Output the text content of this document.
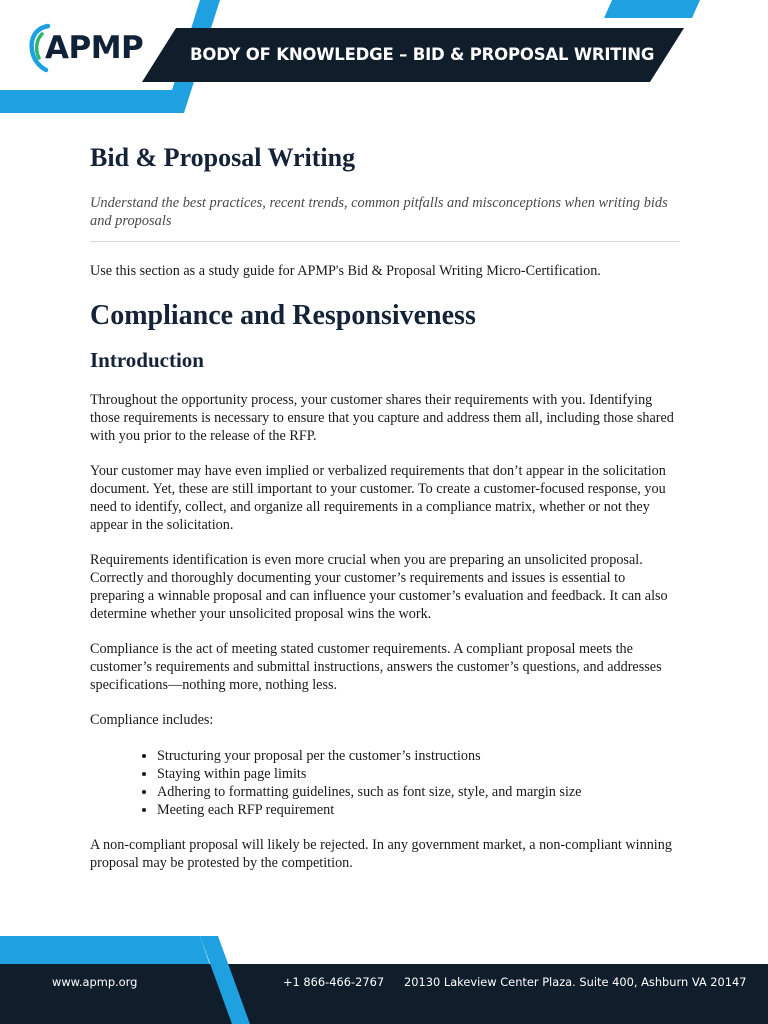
APMP	BODY OF KNOWLEDGE – BID & PROPOSAL WRITING
Bid & Proposal Writing

Understand the best practices, recent trends, common pitfalls and misconceptions when writing bids and proposals

Use this section as a study guide for APMP's Bid & Proposal Writing Micro-Certification.

Compliance and Responsiveness
Introduction

Throughout the opportunity process, your customer shares their requirements with you. Identifying those requirements is necessary to ensure that you capture and address them all, including those shared with you prior to the release of the RFP.

Your customer may have even implied or verbalized requirements that don’t appear in the solicitation document. Yet, these are still important to your customer. To create a customer-focused response, you need to identify, collect, and organize all requirements in a compliance matrix, whether or not they appear in the solicitation.

Requirements identification is even more crucial when you are preparing an unsolicited proposal. Correctly and thoroughly documenting your customer’s requirements and issues is essential to preparing a winnable proposal and can influence your customer’s evaluation and feedback. It can also determine whether your unsolicited proposal wins the work.

Compliance is the act of meeting stated customer requirements. A compliant proposal meets the customer’s requirements and submittal instructions, answers the customer’s questions, and addresses specifications—nothing more, nothing less.

Compliance includes:

• Structuring your proposal per the customer’s instructions
• Staying within page limits
• Adhering to formatting guidelines, such as font size, style, and margin size
• Meeting each RFP requirement

A non-compliant proposal will likely be rejected. In any government market, a non-compliant winning proposal may be protested by the competition.

www.apmp.org	+1 866-466-2767 20130 Lakeview Center Plaza. Suite 400, Ashburn VA 20147
